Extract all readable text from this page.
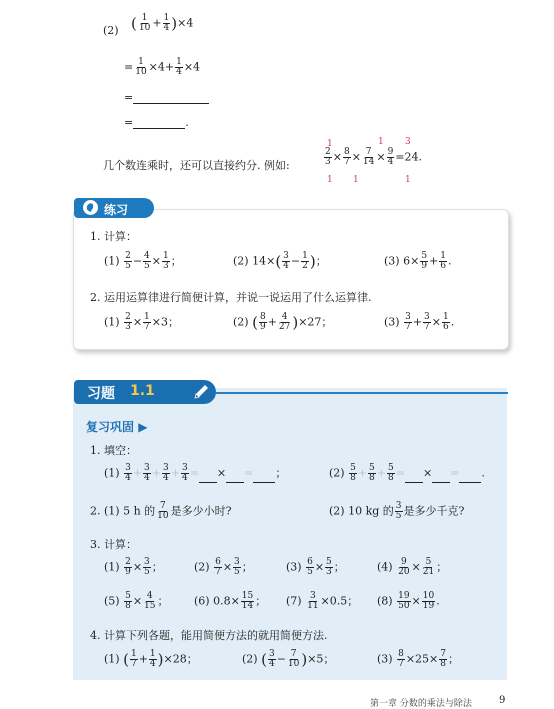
(2) ( $\frac{1}{10} + \frac{1}{4} )\times 4$
= $\frac{1}{10} \times 4+ \frac{1}{4} \times 4$
=
=	.
几个数连乘时，还可以直接约分. 例如:
1	1 3
$\frac{2}{3} \times \frac{8}{7} \times \frac{7}{14} \times \frac{9}{4} =24$.
1 1	1
练习
1. 计算：
$(1) \frac{2}{5} - \frac{4}{5} \times \frac{1}{3}$ ；	(2) $14\times( \frac{3}{4} - \frac{1}{2}$ )；	(3) $6\times \frac{5}{9} + \frac{1}{6}$ .
2. 运用运算律进行简便计算，并说一说运用了什么运算律.
$(1) \frac{2}{3} \times \frac{1}{7} \times 3$；	(2) ( $\frac{8}{9} + \frac{4}{27} )\times 27$；	$(3) \frac{3}{7} + \frac{3}{7} \times \frac{1}{6}$ .
习题 1.1
复习巩固 ▶
1. 填空：
$(1) \frac{3}{4} + \frac{3}{4} + \frac{3}{4} + \frac{3}{4}$ = × = ；	$(2) \frac{5}{8} + \frac{5}{8} + \frac{5}{8}$ = × = .
2. (1) 5 h 的 $\frac{7}{10}$ 是多少小时?	(2) 10 kg 的 $\frac{3}{5}$ 是多少千克?
3. 计算：
$(1) \frac{2}{9} \times \frac{3}{5}$ ；	$(2) \frac{6}{7} \times \frac{3}{5}$ ；	$(3) \frac{6}{5} \times \frac{5}{3}$ ；	$(4) \frac{9}{20} \times \frac{5}{21}$ ；
$(5) \frac{5}{8} \times \frac{4}{15}$ ； (6) $0.8\times \frac{15}{14}$ ； $(7) \frac{3}{11} \times 0.5$； $(8) \frac{19}{50} \times \frac{10}{19}$ .
4. 计算下列各题，能用简便方法的就用简便方法.
(1) ( $\frac{1}{7} + \frac{1}{4} )\times 28$；	(2) ( $\frac{3}{4} - \frac{7}{10} )\times 5$；	$(3) \frac{8}{7} \times 25\times \frac{7}{8}$ ；
第一章 分数的乘法与除法	9
